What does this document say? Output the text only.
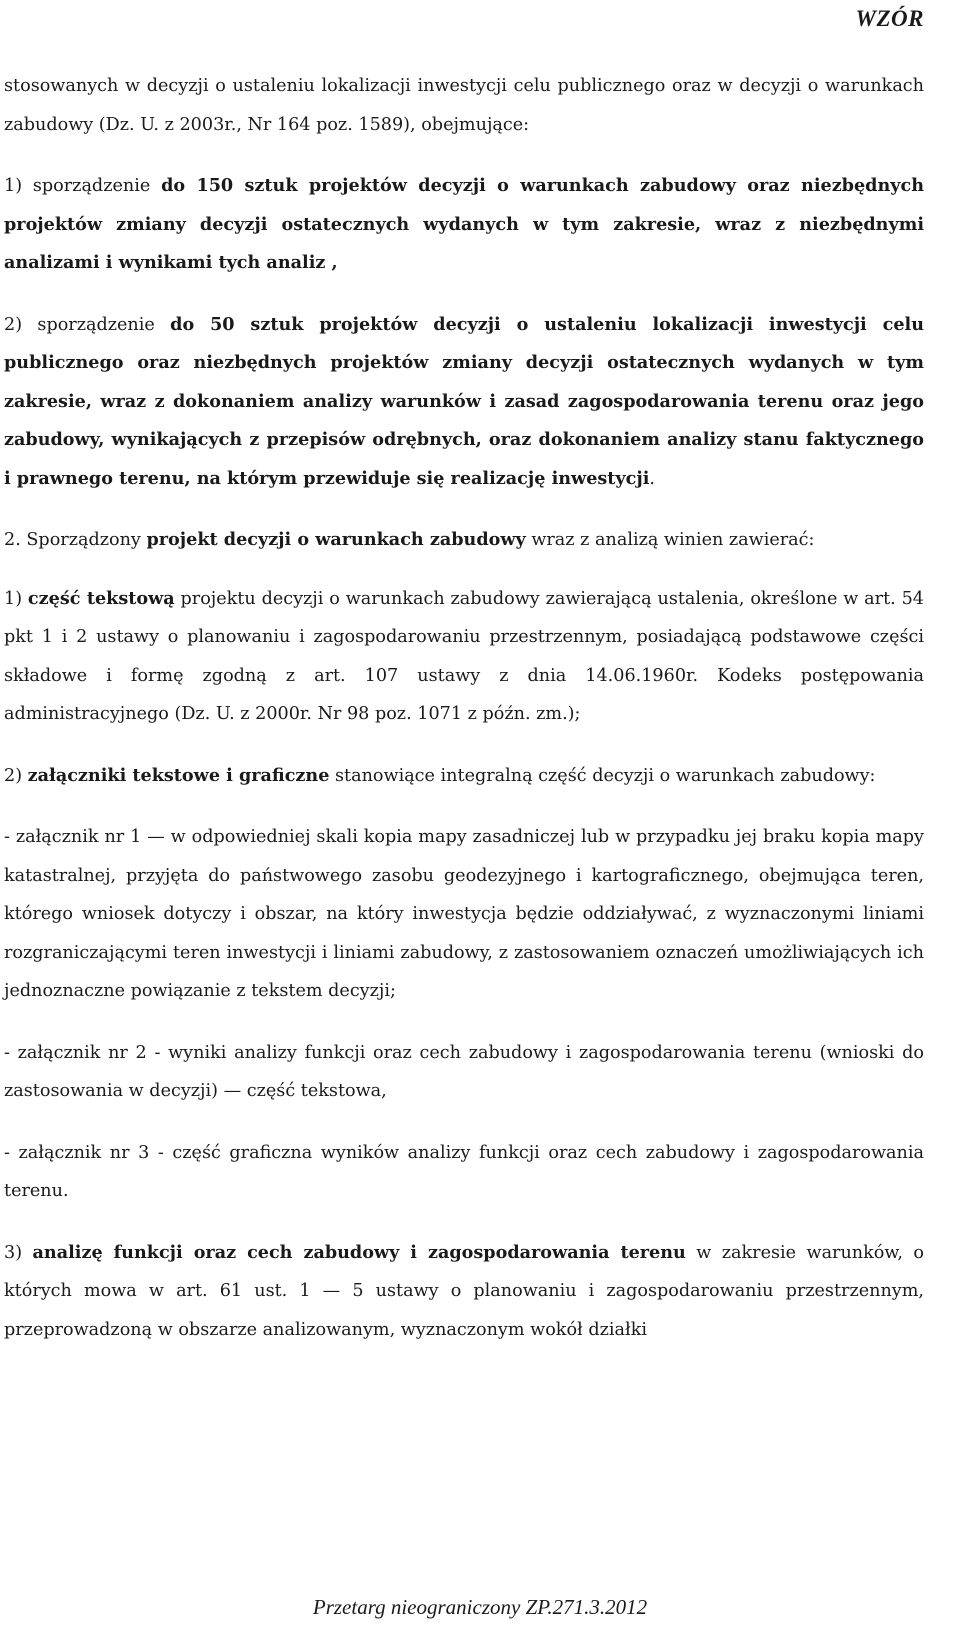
WZÓR

stosowanych w decyzji o ustaleniu lokalizacji inwestycji celu publicznego oraz w decyzji o warunkach zabudowy (Dz. U. z 2003r., Nr 164 poz. 1589), obejmujące:

1) sporządzenie do 150 sztuk projektów decyzji o warunkach zabudowy oraz niezbędnych projektów zmiany decyzji ostatecznych wydanych w tym zakresie, wraz z niezbędnymi analizami i wynikami tych analiz ,

2) sporządzenie do 50 sztuk projektów decyzji o ustaleniu lokalizacji inwestycji celu publicznego oraz niezbędnych projektów zmiany decyzji ostatecznych wydanych w tym zakresie, wraz z dokonaniem analizy warunków i zasad zagospodarowania terenu oraz jego zabudowy, wynikających z przepisów odrębnych, oraz dokonaniem analizy stanu faktycznego i prawnego terenu, na którym przewiduje się realizację inwestycji.

2. Sporządzony projekt decyzji o warunkach zabudowy wraz z analizą winien zawierać:

1) część tekstową projektu decyzji o warunkach zabudowy zawierającą ustalenia, określone w art. 54 pkt 1 i 2 ustawy o planowaniu i zagospodarowaniu przestrzennym, posiadającą podstawowe części składowe i formę zgodną z art. 107 ustawy z dnia 14.06.1960r. Kodeks postępowania administracyjnego (Dz. U. z 2000r. Nr 98 poz. 1071 z późn. zm.);

2) załączniki tekstowe i graficzne stanowiące integralną część decyzji o warunkach zabudowy:

- załącznik nr 1 — w odpowiedniej skali kopia mapy zasadniczej lub w przypadku jej braku kopia mapy katastralnej, przyjęta do państwowego zasobu geodezyjnego i kartograficznego, obejmująca teren, którego wniosek dotyczy i obszar, na który inwestycja będzie oddziaływać, z wyznaczonymi liniami rozgraniczającymi teren inwestycji i liniami zabudowy, z zastosowaniem oznaczeń umożliwiających ich jednoznaczne powiązanie z tekstem decyzji;

- załącznik nr 2 - wyniki analizy funkcji oraz cech zabudowy i zagospodarowania terenu (wnioski do zastosowania w decyzji) — część tekstowa,

- załącznik nr 3 - część graficzna wyników analizy funkcji oraz cech zabudowy i zagospodarowania terenu.

3) analizę funkcji oraz cech zabudowy i zagospodarowania terenu w zakresie warunków, o których mowa w art. 61 ust. 1 — 5 ustawy o planowaniu i zagospodarowaniu przestrzennym, przeprowadzoną w obszarze analizowanym, wyznaczonym wokół działki

Przetarg nieograniczony ZP.271.3.2012
